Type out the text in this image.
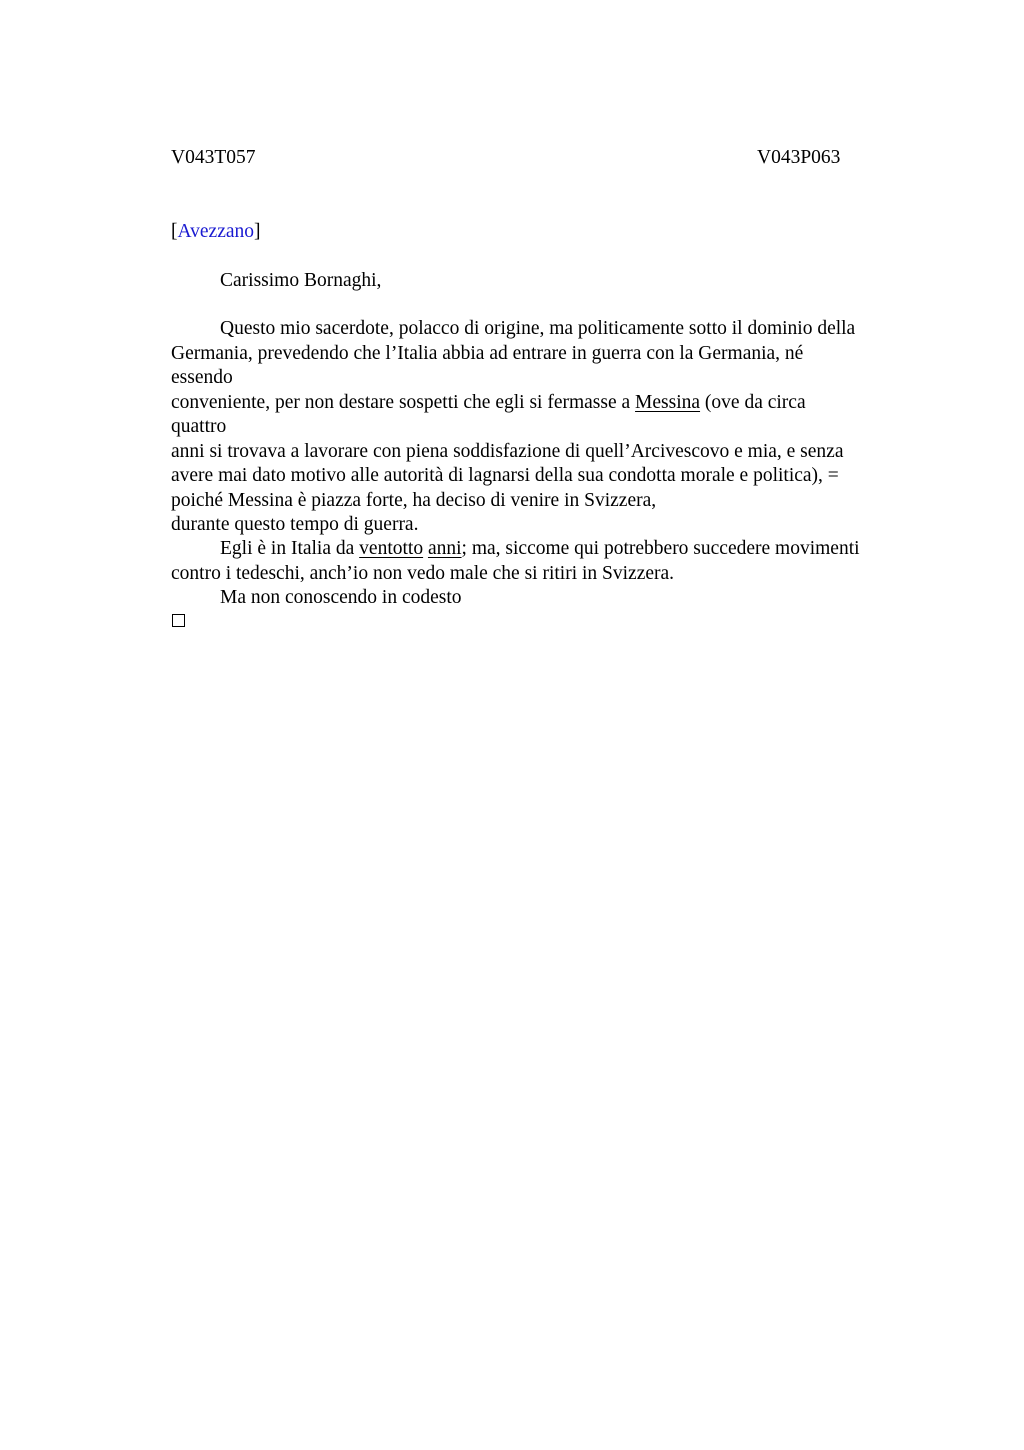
V043T057	V043P063
[Avezzano]
Carissimo Bornaghi,
Questo mio sacerdote, polacco di origine, ma politicamente sotto il dominio della
Germania, prevedendo che l’Italia abbia ad entrare in guerra con la Germania, né
essendo
conveniente, per non destare sospetti che egli si fermasse a Messina (ove da circa
quattro
anni si trovava a lavorare con piena soddisfazione di quell’Arcivescovo e mia, e senza
avere mai dato motivo alle autorità di lagnarsi della sua condotta morale e politica), =
poiché Messina è piazza forte, ha deciso di venire in Svizzera,
durante questo tempo di guerra.
Egli è in Italia da ventotto anni; ma, siccome qui potrebbero succedere movimenti
contro i tedeschi, anch’io non vedo male che si ritiri in Svizzera.
Ma non conoscendo in codesto
